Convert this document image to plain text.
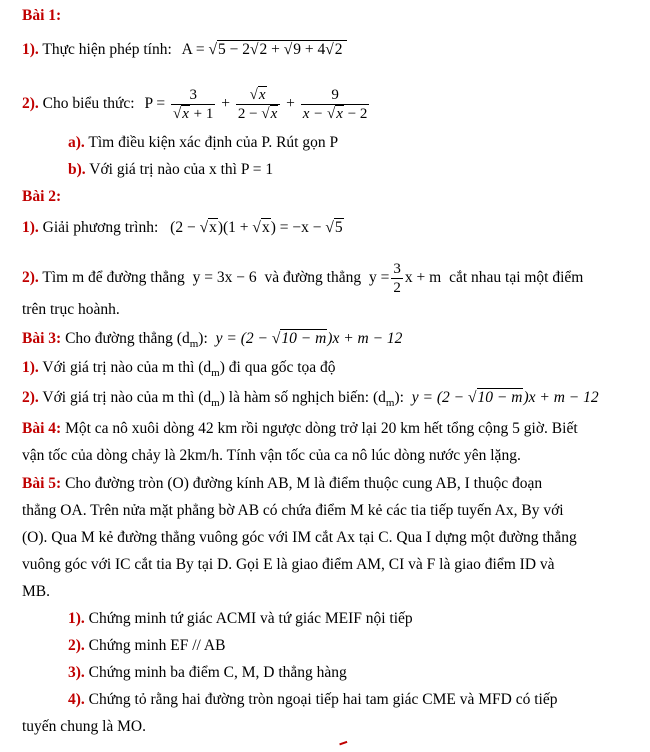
Bài 1:
1). Thực hiện phép tính: A = √5 − 2√2 + √9 + 4√2
2). Cho biểu thức: $P = \frac{3}{√x + 1} + \frac{√x}{2 - √x} + \frac{9}{x - √x - 2}$
a). Tìm điều kiện xác định của P. Rút gọn P
b). Với giá trị nào của x thì P = 1
Bài 2:
1). Giải phương trình: (2 − √x)(1 + √x) = −x − √5
2). Tìm m để đường thẳng y = 3x − 6 và đường thẳng $y = \frac{3}{2}$ x + m cắt nhau tại một điểm
trên trục hoành.
Bài 3: Cho đường thẳng $(d_m)$: y = (2 − √10 − m)x + m − 12
1). Với giá trị nào của m thì $(d_m)$ đi qua gốc tọa độ
2). Với giá trị nào của m thì $(d_m)$ là hàm số nghịch biến: $(d_m)$: y = (2 − √10 − m)x + m − 12
Bài 4: Một ca nô xuôi dòng 42 km rồi ngược dòng trở lại 20 km hết tổng cộng 5 giờ. Biết
vận tốc của dòng chảy là 2km/h. Tính vận tốc của ca nô lúc dòng nước yên lặng.
Bài 5: Cho đường tròn (O) đường kính AB, M là điểm thuộc cung AB, I thuộc đoạn
thẳng OA. Trên nửa mặt phẳng bờ AB có chứa điểm M kẻ các tia tiếp tuyến Ax, By với
(O). Qua M kẻ đường thẳng vuông góc với IM cắt Ax tại C. Qua I dựng một đường thẳng
vuông góc với IC cắt tia By tại D. Gọi E là giao điểm AM, CI và F là giao điểm ID và
MB.
1). Chứng minh tứ giác ACMI và tứ giác MEIF nội tiếp
2). Chứng minh EF // AB
3). Chứng minh ba điểm C, M, D thẳng hàng
4). Chứng tỏ rằng hai đường tròn ngoại tiếp hai tam giác CME và MFD có tiếp
tuyến chung là MO.
